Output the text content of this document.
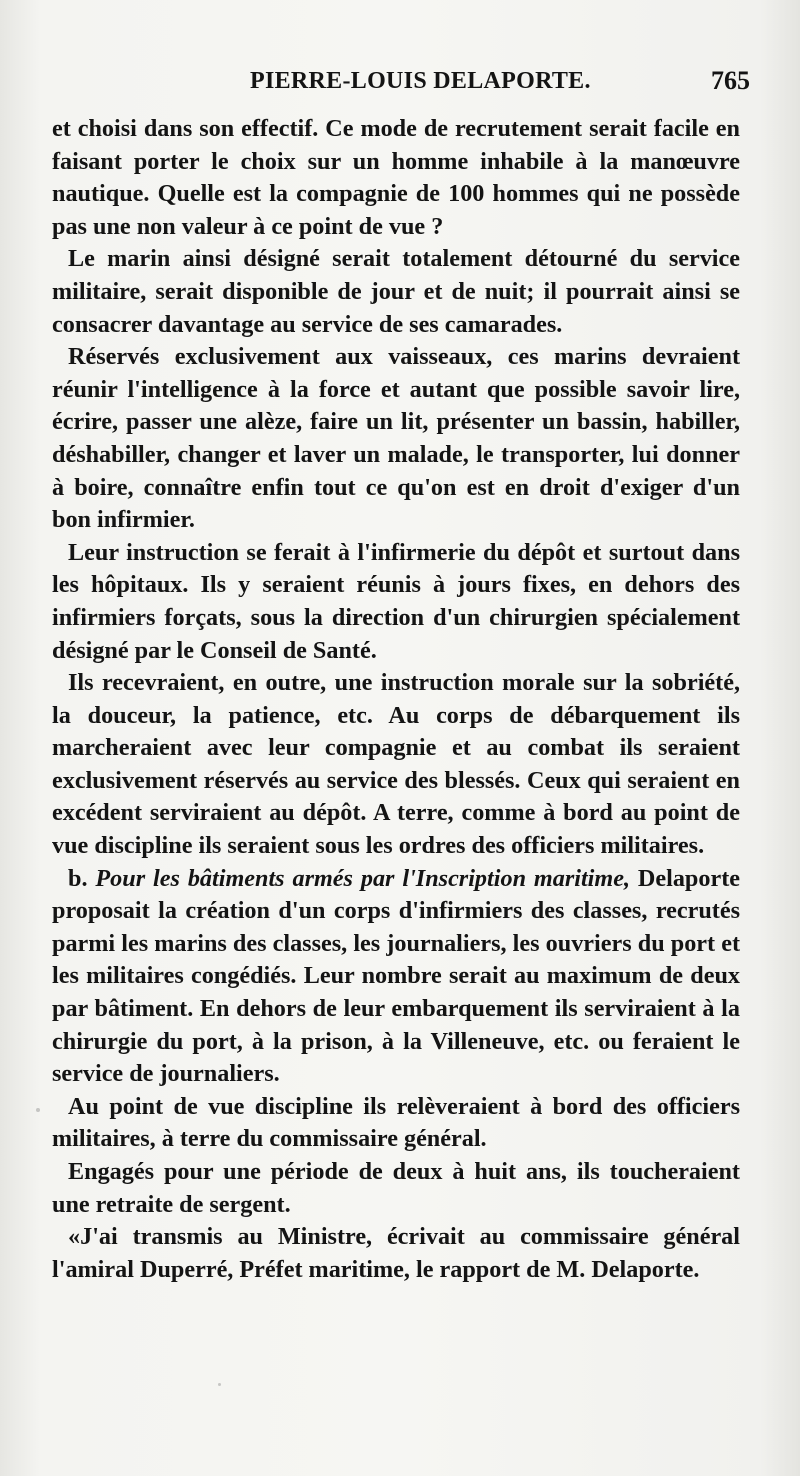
PIERRE-LOUIS DELAPORTE.	765

et choisi dans son effectif. Ce mode de recrutement serait facile en faisant porter le choix sur un homme inhabile à la manœuvre nautique. Quelle est la compagnie de 100 hommes qui ne possède pas une non valeur à ce point de vue ?

Le marin ainsi désigné serait totalement détourné du service militaire, serait disponible de jour et de nuit; il pourrait ainsi se consacrer davantage au service de ses camarades.

Réservés exclusivement aux vaisseaux, ces marins devraient réunir l'intelligence à la force et autant que possible savoir lire, écrire, passer une alèze, faire un lit, présenter un bassin, habiller, déshabiller, changer et laver un malade, le transporter, lui donner à boire, connaître enfin tout ce qu'on est en droit d'exiger d'un bon infirmier.

Leur instruction se ferait à l'infirmerie du dépôt et surtout dans les hôpitaux. Ils y seraient réunis à jours fixes, en dehors des infirmiers forçats, sous la direction d'un chirurgien spécialement désigné par le Conseil de Santé.

Ils recevraient, en outre, une instruction morale sur la sobriété, la douceur, la patience, etc. Au corps de débarquement ils marcheraient avec leur compagnie et au combat ils seraient exclusivement réservés au service des blessés. Ceux qui seraient en excédent serviraient au dépôt. A terre, comme à bord au point de vue discipline ils seraient sous les ordres des officiers militaires.

b. Pour les bâtiments armés par l'Inscription maritime, Delaporte proposait la création d'un corps d'infirmiers des classes, recrutés parmi les marins des classes, les journaliers, les ouvriers du port et les militaires congédiés. Leur nombre serait au maximum de deux par bâtiment. En dehors de leur embarquement ils serviraient à la chirurgie du port, à la prison, à la Villeneuve, etc. ou feraient le service de journaliers.

Au point de vue discipline ils relèveraient à bord des officiers militaires, à terre du commissaire général.

Engagés pour une période de deux à huit ans, ils toucheraient une retraite de sergent.

«J'ai transmis au Ministre, écrivait au commissaire général l'amiral Duperré, Préfet maritime, le rapport de M. Delaporte.
